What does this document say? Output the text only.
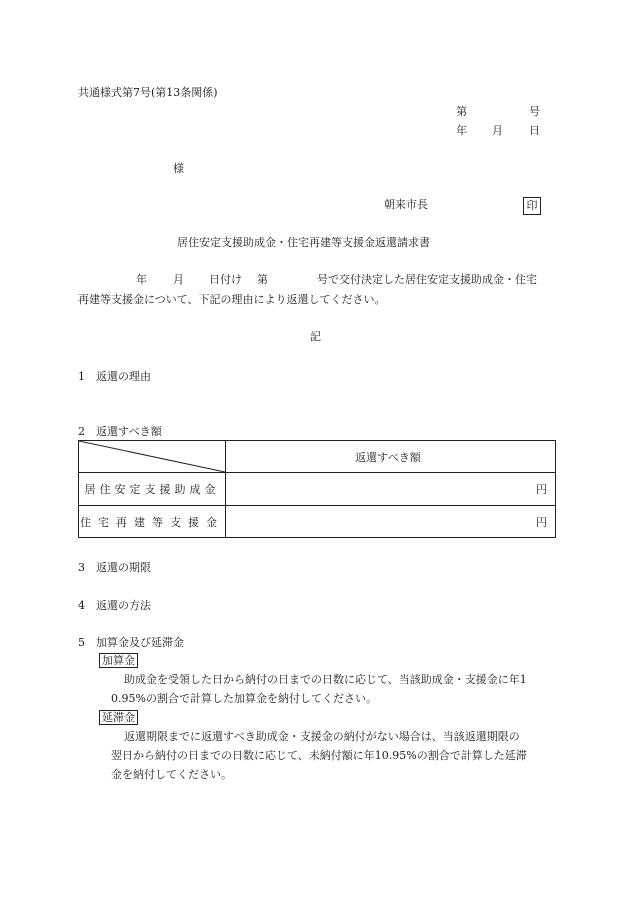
共通様式第7号(第13条関係)
第	号
年 月 日
様
朝来市長	印
居住安定支援助成金・住宅再建等支援金返還請求書
年 月 日付け 第	号で交付決定した居住安定支援助成金・住宅
再建等支援金について、下記の理由により返還してください。
記
1　返還の理由
2　返還すべき額
返還すべき額
居住安定支援助成金	円
住宅再建等支援金	円
3　返還の期限
4　返還の方法
5　加算金及び延滞金
加算金
助成金を受領した日から納付の日までの日数に応じて、当該助成金・支援金に年1
0.95%の割合で計算した加算金を納付してください。
延滞金
返還期限までに返還すべき助成金・支援金の納付がない場合は、当該返還期限の
翌日から納付の日までの日数に応じて、未納付額に年10.95%の割合で計算した延滞
金を納付してください。
